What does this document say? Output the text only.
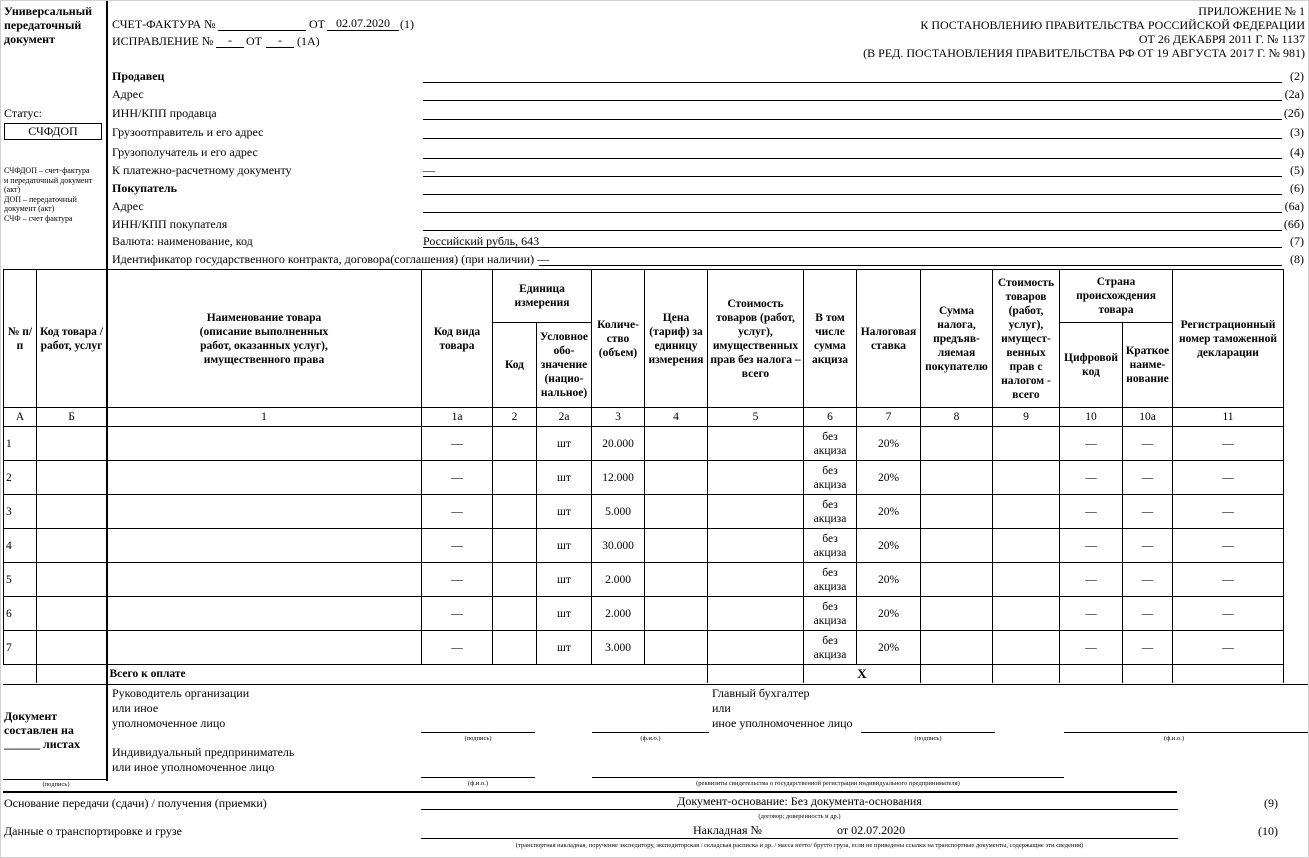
Универсальный
передаточный
документ
Статус:
СЧФДОП
СЧФДОП – счет-фактура
и передаточный документ
(акт)
ДОП – передаточный
документ (акт)
СЧФ – счет фактура
СЧЕТ-ФАКТУРА №	ОТ 02.07.2020 (1)
ИСПРАВЛЕНИЕ №	-	ОТ	-	(1А)
ПРИЛОЖЕНИЕ № 1
К ПОСТАНОВЛЕНИЮ ПРАВИТЕЛЬСТВА РОССИЙСКОЙ ФЕДЕРАЦИИ
ОТ 26 ДЕКАБРЯ 2011 Г. № 1137
(В РЕД. ПОСТАНОВЛЕНИЯ ПРАВИТЕЛЬСТВА РФ ОТ 19 АВГУСТА 2017 Г. № 981)
Продавец	(2)
Адрес	(2а)
ИНН/КПП продавца	(2б)
Грузоотправитель и его адрес	(3)
Грузополучатель и его адрес	(4)
К платежно-расчетному документу	—	(5)
Покупатель	(6)
Адрес	(6а)
ИНН/КПП покупателя	(6б)
Валюта: наименование, код	Российский рубль, 643	(7)
Идентификатор государственного контракта, договора(соглашения) (при наличии) —	(8)
№ п/п	Код товара /работ, услуг	Наименование товара (описание выполненных работ, оказанных услуг), имущественного права	Код вида товара	Единица измерения		Количе-ство (объем)	Цена (тариф) за единицу измерения	Стоимость товаров (работ, услуг), имущественных прав без налога – всего	В том числе сумма акциза	Налоговая ставка	Сумма налога, предъяв-ляемая покупателю	Стоимость товаров (работ, услуг), имущест-венных прав с налогом - всего	Страна происхождения товара		Регистрационный номер таможенной декларации
				Код	Условное обо-значение (нацио-нальное)								Цифровой код	Краткое наиме-нование	
А	Б	1	1а	2	2а	3	4	5	6	7	8	9	10	10а	11
1			—		шт	20.000			без акциза	20%			—	—	—
2			—		шт	12.000			без акциза	20%			—	—	—
3			—		шт	5.000			без акциза	20%			—	—	—
4			—		шт	30.000			без акциза	20%			—	—	—
5			—		шт	2.000			без акциза	20%			—	—	—
6			—		шт	2.000			без акциза	20%			—	—	—
7			—		шт	3.000			без акциза	20%			—	—	—
		Всего к оплате							Х						
Документ
составлен на
______ листах
Руководитель организации
или иное
уполномоченное лицо
(подпись)	(ф.и.о.)
Главный бухгалтер
или
иное уполномоченное лицо
(подпись)	(ф.и.о.)
Индивидуальный предприниматель
или иное уполномоченное лицо
(подпись)	(ф.и.о.)	(реквизиты свидетельства о государственной регистрации индивидуального предпринимателя)
Основание передачи (сдачи) / получения (приемки)	Документ-основание: Без документа-основания
(договор; доверенность и др.)
(9)
Данные о транспортировке и грузе	Накладная №	от 02.07.2020
(транспортная накладная, поручение экспедитору, экспедиторская / складская расписка и др. / масса нетто/ брутто груза, если не приведены ссылки на транспортные документы, содержащие эти сведения)
(10)
